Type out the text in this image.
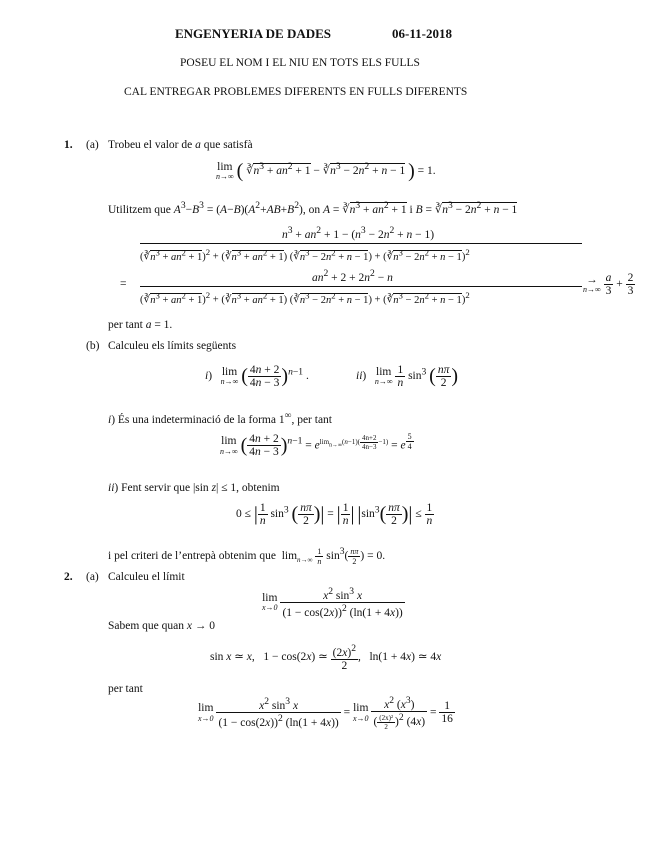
ENGENYERIA DE DADES	06-11-2018
POSEU EL NOM I EL NIU EN TOTS ELS FULLS
CAL ENTREGAR PROBLEMES DIFERENTS EN FULLS DIFERENTS
1. (a) Trobeu el valor de a que satisfà
lim
n→∞ ( $∛n^3 + an^2 + 1$ − $∛n^3 - 2n^2 + n - 1$ ) = 1.
Utilitzem que $A^3-B^3 = (A-B)(A^2+AB+B^2)$, on $A = ∛n^3 + an^2 + 1$ i $B = ∛n^3 - 2n^2 + n - 1$
$n^3 + an^2 + 1 - (n^3 - 2n^2 + n - 1)$
$(∛n^3 + an^2 + 1)^2$ + $(∛n^3 + an^2 + 1)$ $(∛n^3 - 2n^2 + n - 1)$ + $(∛n^3 - 2n^2 + n - 1)^2$
=
$an^2 + 2 + 2n^2 - n$
$(∛n^3 + an^2 + 1)^2$ + $(∛n^3 + an^2 + 1)$ $(∛n^3 - 2n^2 + n - 1)$ + $(∛n^3 - 2n^2 + n - 1)^2$
→
n→∞
$\frac{a}{3} + \frac{2}{3}$
per tant a = 1.
(b) Calculeu els límits següents
i) lim
n→∞ ( $\frac{4n + 2}{4n - 3} )^{n-1}$ .	ii) lim
n→∞
$\frac{1}{n} \sin^3$ ( $\frac{n\pi}{2}$ )
i) És una indeterminació de la forma 1∞, per tant
lim
n→∞ ( $\frac{4n + 2}{4n - 3} )^{n-1} = e^{lim_{n\to\infty}(n-1)( \frac{4n+2}{4n-3} -1)} = e$ $^{\frac{5}{4}}$
ii) Fent servir que |sin z| ≤ 1, obtenim
0 ≤ | $\frac{1}{n} \sin^3$ ( $\frac{n\pi}{2}$ )| = | $\frac{1}{n}$ | $|\sin^3( \frac{n\pi}{2}$ )| ≤ $\frac{1}{n}$
i pel criteri de l’entrepà obtenim que  $\lim_{n\to\infty} \frac{1}{n} \sin^3( \frac{n\pi}{2}$ ) = 0.
2. (a) Calculeu el límit
lim
x→0
$\frac{x^2 \sin^3 x}{(1 - \cos(2x))^2 (\ln(1 + 4x))}$
Sabem que quan x → 0
sin x ≃ x,   1 − cos(2x) ≃ $\frac{(2x)^2}{2}$ ,   ln(1 + 4x) ≃ 4x
per tant
lim
x→0
$\frac{x^2 \sin^3 x}{(1 - \cos(2x))^2 (\ln(1 + 4x))} = \lim$
x→0
$\frac{x^2 (x^3)}{( \frac{\text{(2x)²}}{2} )^2 (4x)} = \frac{1}{16}$
